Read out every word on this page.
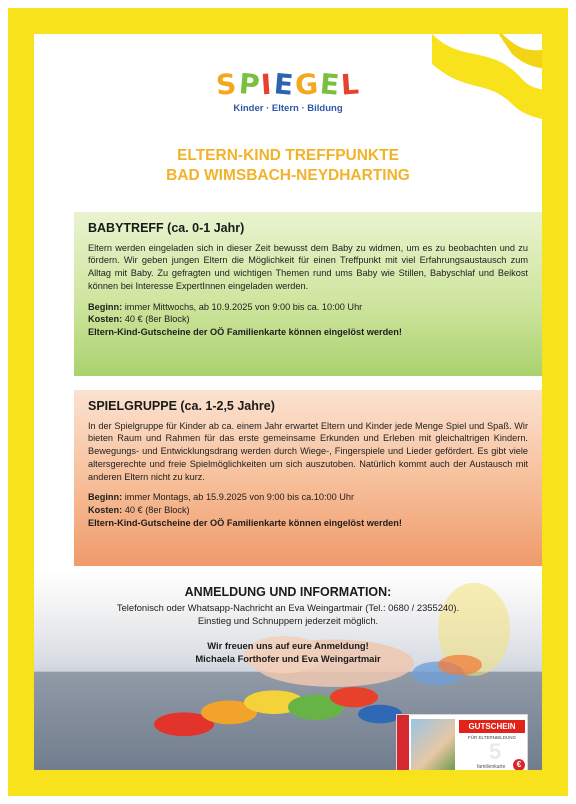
S
P
I
E
G
E
L
Kinder · Eltern · Bildung
ELTERN-KIND TREFFPUNKTE
BAD WIMSBACH-NEYDHARTING
BABYTREFF (ca. 0-1 Jahr)
Eltern werden eingeladen sich in dieser Zeit bewusst dem Baby zu widmen, um es zu beobachten und zu fördern. Wir geben jungen Eltern die Möglichkeit für einen Treffpunkt mit viel Erfahrungsaustausch zum Alltag mit Baby. Zu gefragten und wichtigen Themen rund ums Baby wie Stillen, Babyschlaf und Beikost können bei Interesse ExpertInnen eingeladen werden.
Beginn: immer Mittwochs, ab 10.9.2025 von 9:00 bis ca. 10:00 Uhr
Kosten: 40 € (8er Block)
Eltern-Kind-Gutscheine der OÖ Familienkarte können eingelöst werden!
SPIELGRUPPE (ca. 1-2,5 Jahre)
In der Spielgruppe für Kinder ab ca. einem Jahr erwartet Eltern und Kinder jede Menge Spiel und Spaß. Wir bieten Raum und Rahmen für das erste gemeinsame Erkunden und Erleben mit gleichaltrigen Kindern. Bewegungs- und Entwicklungsdrang werden durch Wiege-, Fingerspiele und Lieder gefördert. Es gibt viele altersgerechte und freie Spielmöglichkeiten um sich auszutoben. Natürlich kommt auch der Austausch mit anderen Eltern nicht zu kurz.
Beginn: immer Montags, ab 15.9.2025 von 9:00 bis ca.10:00 Uhr
Kosten: 40 € (8er Block)
Eltern-Kind-Gutscheine der OÖ Familienkarte können eingelöst werden!
ANMELDUNG UND INFORMATION:
Telefonisch oder Whatsapp-Nachricht an Eva Weingartmair (Tel.: 0680 / 2355240).
Einstieg und Schnuppern jederzeit möglich.
Wir freuen uns auf eure Anmeldung!
Michaela Forthofer und Eva Weingartmair
GUTSCHEIN
FÜR ELTERNBILDUNG
5
familienkarte	€
